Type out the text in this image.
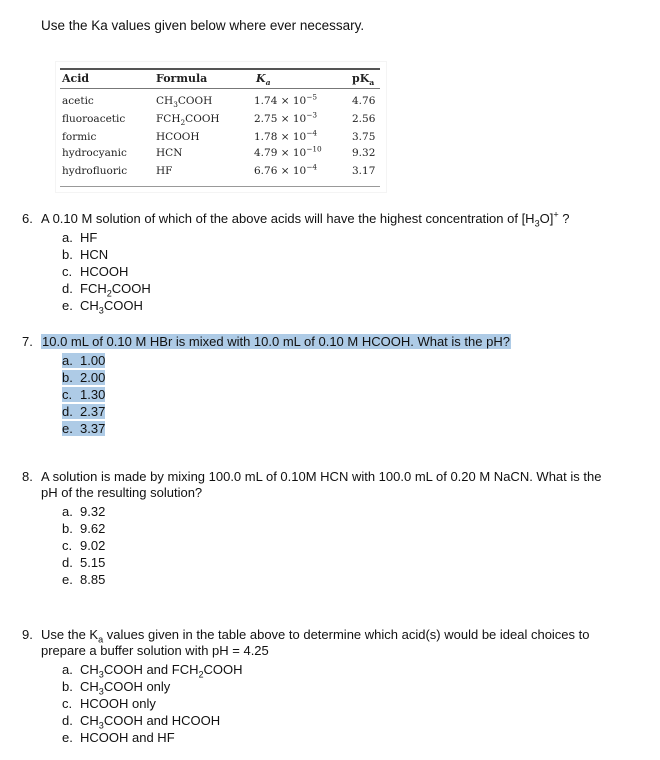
Use the Ka values given below where ever necessary.
Acid	Formula	$K_a$	$pK_a$
acetic	$CH_3COOH$	$1.74 \times 10^{-5}$	4.76
fluoroacetic	$FCH_2COOH$	$2.75 \times 10^{-3}$	2.56
formic	HCOOH	$1.78 \times 10^{-4}$	3.75
hydrocyanic	HCN	$4.79 \times 10^{-10}$	9.32
hydrofluoric	HF	$6.76 \times 10^{-4}$	3.17
6. A 0.10 M solution of which of the above acids will have the highest concentration of $[H_3O]^+$ ?
a. HF
b. HCN
c. HCOOH
d. $FCH_2COOH$
e. $CH_3COOH$
7. 10.0 mL of 0.10 M HBr is mixed with 10.0 mL of 0.10 M HCOOH. What is the pH?
a. 1.00
b. 2.00
c. 1.30
d. 2.37
e. 3.37
8. A solution is made by mixing 100.0 mL of 0.10M HCN with 100.0 mL of 0.20 M NaCN. What is the
pH of the resulting solution?
a. 9.32
b. 9.62
c. 9.02
d. 5.15
e. 8.85
9. Use the $K_a$ values given in the table above to determine which acid(s) would be ideal choices to
prepare a buffer solution with pH = 4.25
a. $CH_3COOH$ and $FCH_2COOH$
b. $CH_3COOH$ only
c. HCOOH only
d. $CH_3COOH$ and HCOOH
e. HCOOH and HF
